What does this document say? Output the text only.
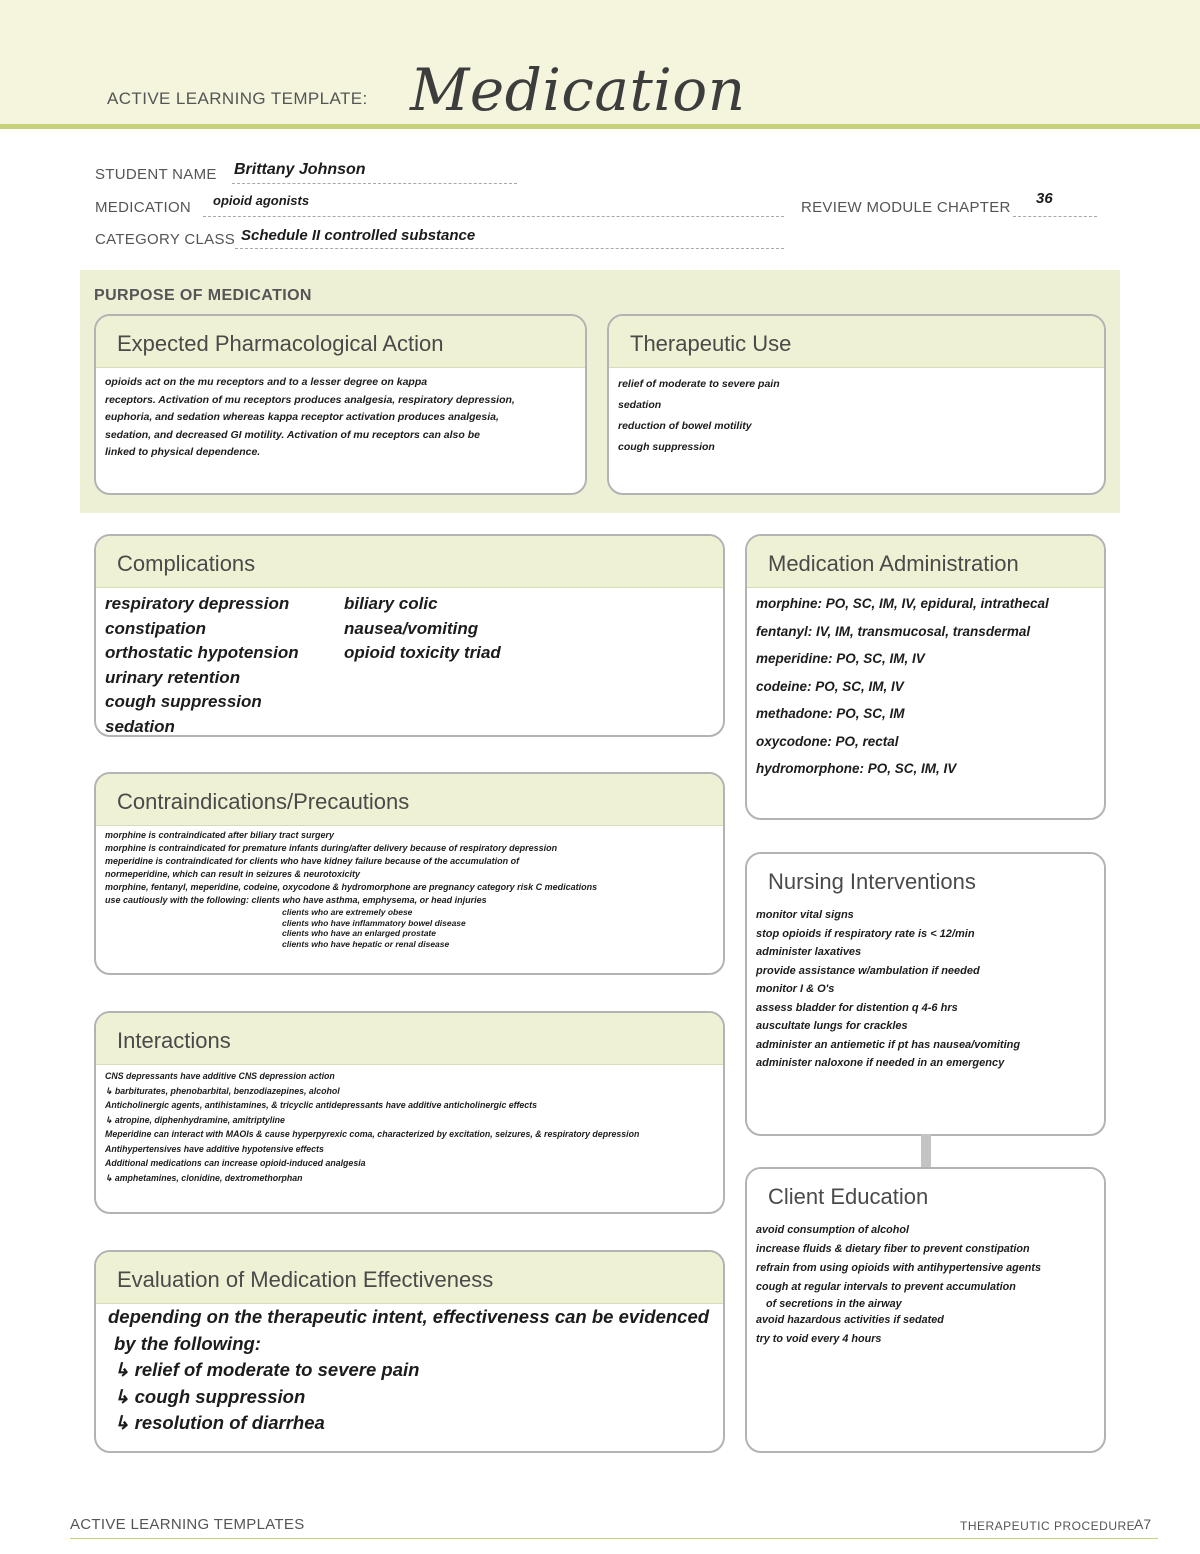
ACTIVE LEARNING TEMPLATE: Medication
STUDENT NAME Brittany Johnson
MEDICATION opioid agonists	REVIEW MODULE CHAPTER
36
CATEGORY CLASS Schedule II controlled substance
PURPOSE OF MEDICATION
Expected Pharmacological Action
opioids act on the mu receptors and to a lesser degree on kappa
receptors. Activation of mu receptors produces analgesia, respiratory depression,
euphoria, and sedation whereas kappa receptor activation produces analgesia,
sedation, and decreased GI motility. Activation of mu receptors can also be
linked to physical dependence.
Therapeutic Use
relief of moderate to severe pain
sedation
reduction of bowel motility
cough suppression
Complications
respiratory depression
constipation
orthostatic hypotension
urinary retention
cough suppression
sedation
biliary colic
nausea/vomiting
opioid toxicity triad
Medication Administration
morphine: PO, SC, IM, IV, epidural, intrathecal
fentanyl: IV, IM, transmucosal, transdermal
meperidine: PO, SC, IM, IV
codeine: PO, SC, IM, IV
methadone: PO, SC, IM
oxycodone: PO, rectal
hydromorphone: PO, SC, IM, IV
Contraindications/Precautions
morphine is contraindicated after biliary tract surgery
morphine is contraindicated for premature infants during/after delivery because of respiratory depression
meperidine is contraindicated for clients who have kidney failure because of the accumulation of
normeperidine, which can result in seizures & neurotoxicity
morphine, fentanyl, meperidine, codeine, oxycodone & hydromorphone are pregnancy category risk C medications
use cautiously with the following: clients who have asthma, emphysema, or head injuries
clients who are extremely obese
clients who have inflammatory bowel disease
clients who have an enlarged prostate
clients who have hepatic or renal disease
Nursing Interventions
monitor vital signs
stop opioids if respiratory rate is < 12/min
administer laxatives
provide assistance w/ambulation if needed
monitor I & O's
assess bladder for distention q 4-6 hrs
auscultate lungs for crackles
administer an antiemetic if pt has nausea/vomiting
administer naloxone if needed in an emergency
Interactions
CNS depressants have additive CNS depression action
↳ barbiturates, phenobarbital, benzodiazepines, alcohol
Anticholinergic agents, antihistamines, & tricyclic antidepressants have additive anticholinergic effects
↳ atropine, diphenhydramine, amitriptyline
Meperidine can interact with MAOIs & cause hyperpyrexic coma, characterized by excitation, seizures, & respiratory depression
Antihypertensives have additive hypotensive effects
Additional medications can increase opioid-induced analgesia
↳ amphetamines, clonidine, dextromethorphan
Client Education
avoid consumption of alcohol
increase fluids & dietary fiber to prevent constipation
refrain from using opioids with antihypertensive agents
cough at regular intervals to prevent accumulation
of secretions in the airway
avoid hazardous activities if sedated
try to void every 4 hours
Evaluation of Medication Effectiveness
depending on the therapeutic intent, effectiveness can be evidenced
by the following:
↳ relief of moderate to severe pain
↳ cough suppression
↳ resolution of diarrhea
ACTIVE LEARNING TEMPLATES	THERAPEUTIC PROCEDURE
A7
